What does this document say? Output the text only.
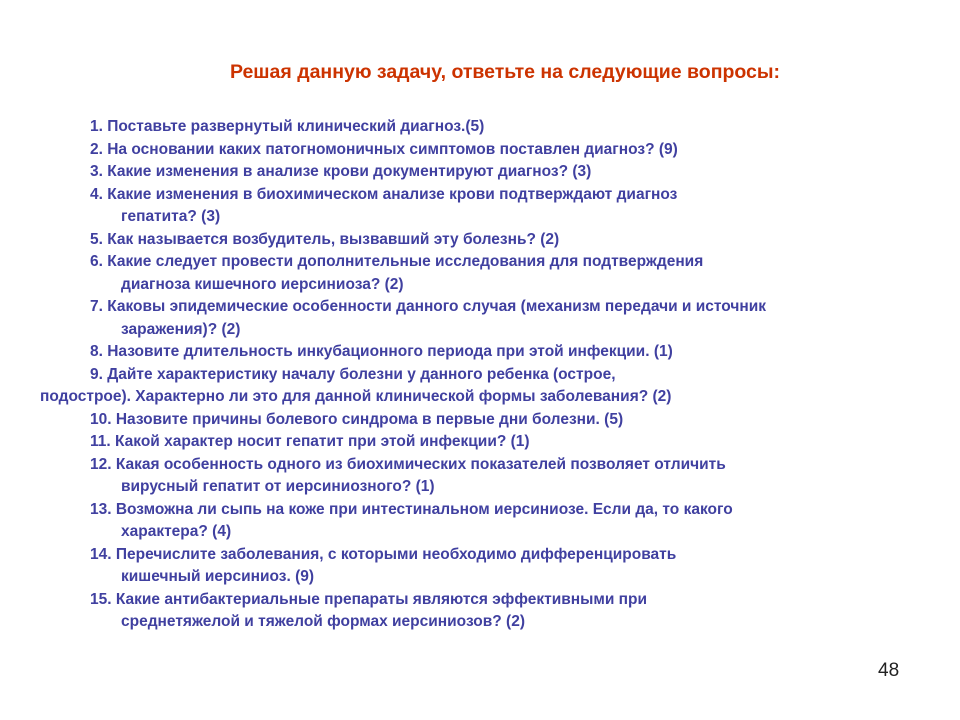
Решая данную задачу, ответьте на следующие вопросы:
1. Поставьте развернутый клинический диагноз.(5)
2. На основании каких патогномоничных симптомов поставлен диагноз? (9)
3. Какие изменения в анализе крови документируют диагноз? (3)
4. Какие изменения в биохимическом анализе крови подтверждают диагноз
гепатита? (3)
5. Как называется возбудитель, вызвавший эту болезнь? (2)
6. Какие следует провести дополнительные исследования для подтверждения
диагноза кишечного иерсиниоза? (2)
7. Каковы эпидемические особенности данного случая (механизм передачи и источник
заражения)? (2)
8. Назовите длительность инкубационного периода при этой инфекции. (1)
9. Дайте характеристику началу болезни у данного ребенка (острое,
подострое). Характерно ли это для данной клинической формы заболевания? (2)
10. Назовите причины болевого синдрома в первые дни болезни. (5)
11. Какой характер носит гепатит при этой инфекции? (1)
12. Какая особенность одного из биохимических показателей позволяет отличить
вирусный гепатит от иерсиниозного? (1)
13. Возможна ли сыпь на коже при интестинальном иерсиниозе. Если да, то какого
характера? (4)
14. Перечислите заболевания, с которыми необходимо дифференцировать
кишечный иерсиниоз. (9)
15. Какие антибактериальные препараты являются эффективными при
среднетяжелой и тяжелой формах иерсиниозов? (2)
48
